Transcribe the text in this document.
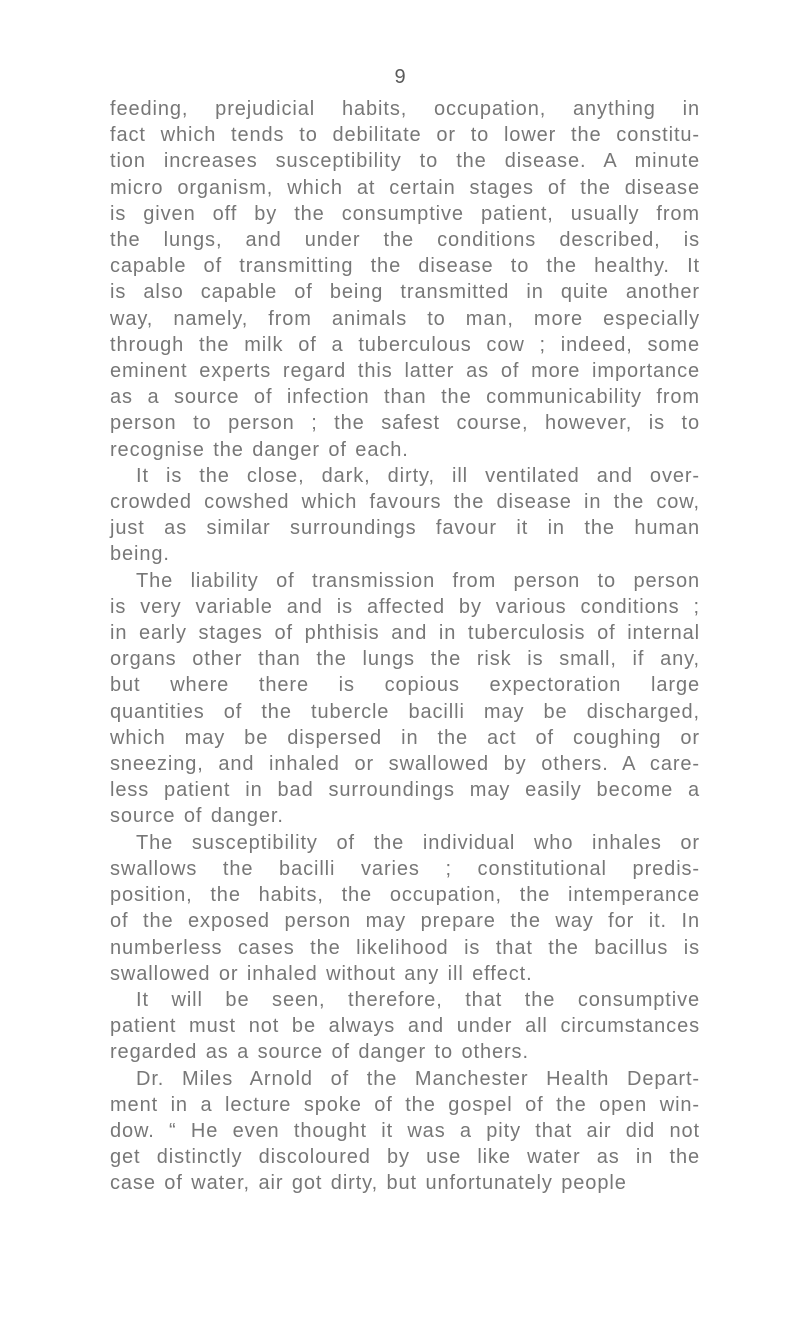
9
feeding, prejudicial habits, occupation, anything in
fact which tends to debilitate or to lower the constitu-
tion increases susceptibility to the disease. A minute
micro organism, which at certain stages of the disease
is given off by the consumptive patient, usually from
the lungs, and under the conditions described, is
capable of transmitting the disease to the healthy. It
is also capable of being transmitted in quite another
way, namely, from animals to man, more especially
through the milk of a tuberculous cow ; indeed, some
eminent experts regard this latter as of more importance
as a source of infection than the communicability from
person to person ; the safest course, however, is to
recognise the danger of each.
It is the close, dark, dirty, ill ventilated and over-
crowded cowshed which favours the disease in the cow,
just as similar surroundings favour it in the human
being.
The liability of transmission from person to person
is very variable and is affected by various conditions ;
in early stages of phthisis and in tuberculosis of internal
organs other than the lungs the risk is small, if any,
but where there is copious expectoration large
quantities of the tubercle bacilli may be discharged,
which may be dispersed in the act of coughing or
sneezing, and inhaled or swallowed by others. A care-
less patient in bad surroundings may easily become a
source of danger.
The susceptibility of the individual who inhales or
swallows the bacilli varies ; constitutional predis-
position, the habits, the occupation, the intemperance
of the exposed person may prepare the way for it. In
numberless cases the likelihood is that the bacillus is
swallowed or inhaled without any ill effect.
It will be seen, therefore, that the consumptive
patient must not be always and under all circumstances
regarded as a source of danger to others.
Dr. Miles Arnold of the Manchester Health Depart-
ment in a lecture spoke of the gospel of the open win-
dow. “ He even thought it was a pity that air did not
get distinctly discoloured by use like water as in the
case of water, air got dirty, but unfortunately people
